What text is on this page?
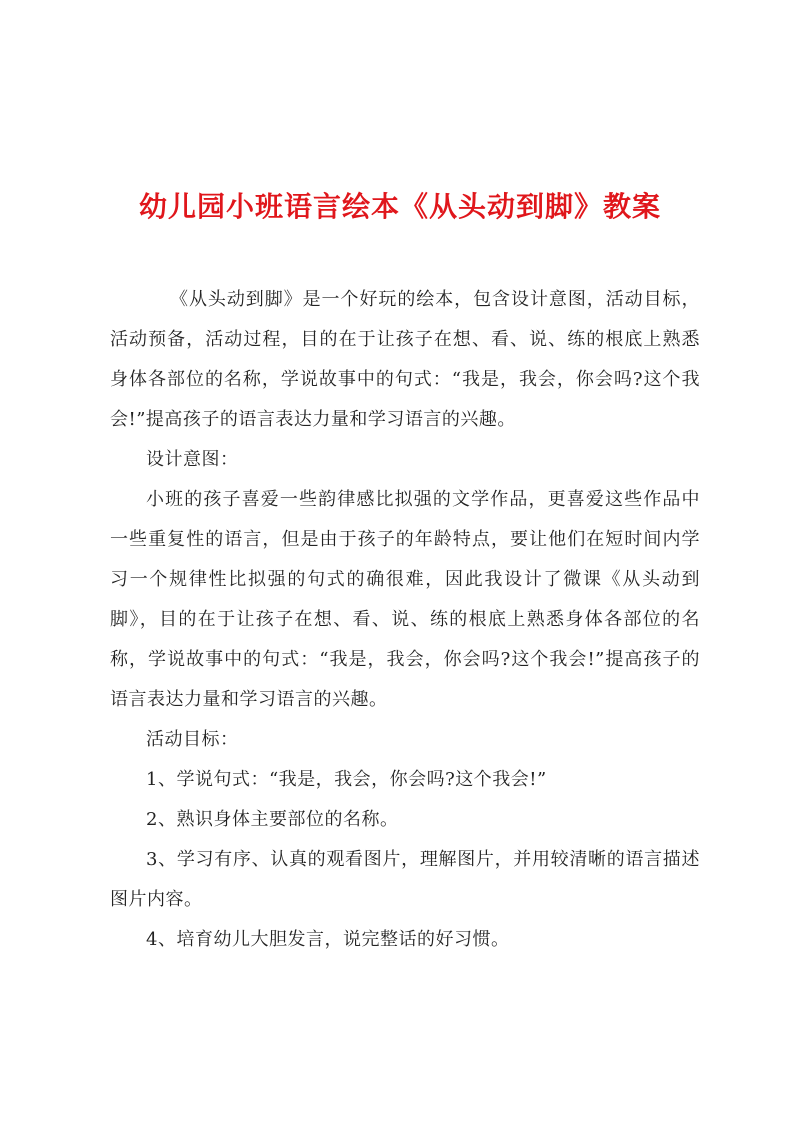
幼儿园小班语言绘本《从头动到脚》教案

《从头动到脚》是一个好玩的绘本，包含设计意图，活动目标，活动预备，活动过程，目的在于让孩子在想、看、说、练的根底上熟悉身体各部位的名称，学说故事中的句式：“我是，我会，你会吗?这个我会!”提高孩子的语言表达力量和学习语言的兴趣。

设计意图：

小班的孩子喜爱一些韵律感比拟强的文学作品，更喜爱这些作品中一些重复性的语言，但是由于孩子的年龄特点，要让他们在短时间内学习一个规律性比拟强的句式的确很难，因此我设计了微课《从头动到脚》，目的在于让孩子在想、看、说、练的根底上熟悉身体各部位的名称，学说故事中的句式：“我是，我会，你会吗?这个我会!”提高孩子的语言表达力量和学习语言的兴趣。

活动目标：

1、学说句式：“我是，我会，你会吗?这个我会!”

2、熟识身体主要部位的名称。

3、学习有序、认真的观看图片，理解图片，并用较清晰的语言描述图片内容。

4、培育幼儿大胆发言，说完整话的好习惯。
